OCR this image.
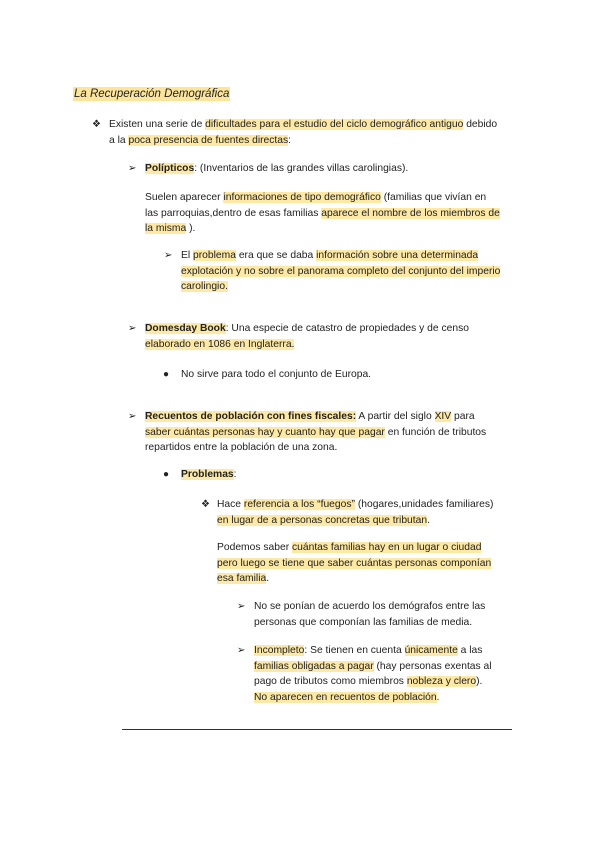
La Recuperación Demográfica
❖ Existen una serie de dificultades para el estudio del ciclo demográfico antiguo debido
a la poca presencia de fuentes directas:
➢ Polípticos: (Inventarios de las grandes villas carolingias).
Suelen aparecer informaciones de tipo demográfico (familias que vivían en
las parroquias,dentro de esas familias aparece el nombre de los miembros de
la misma ).
➢ El problema era que se daba información sobre una determinada
explotación y no sobre el panorama completo del conjunto del imperio
carolingio.
➢ Domesday Book: Una especie de catastro de propiedades y de censo
elaborado en 1086 en Inglaterra.
● No sirve para todo el conjunto de Europa.
➢ Recuentos de población con fines fiscales: A partir del siglo XIV para
saber cuántas personas hay y cuanto hay que pagar en función de tributos
repartidos entre la población de una zona.
● Problemas:
❖ Hace referencia a los “fuegos” (hogares,unidades familiares)
en lugar de a personas concretas que tributan.
Podemos saber cuántas familias hay en un lugar o ciudad
pero luego se tiene que saber cuántas personas componían
esa familia.
➢ No se ponían de acuerdo los demógrafos entre las
personas que componían las familias de media.
➢ Incompleto: Se tienen en cuenta únicamente a las
familias obligadas a pagar (hay personas exentas al
pago de tributos como miembros nobleza y clero).
No aparecen en recuentos de población.
